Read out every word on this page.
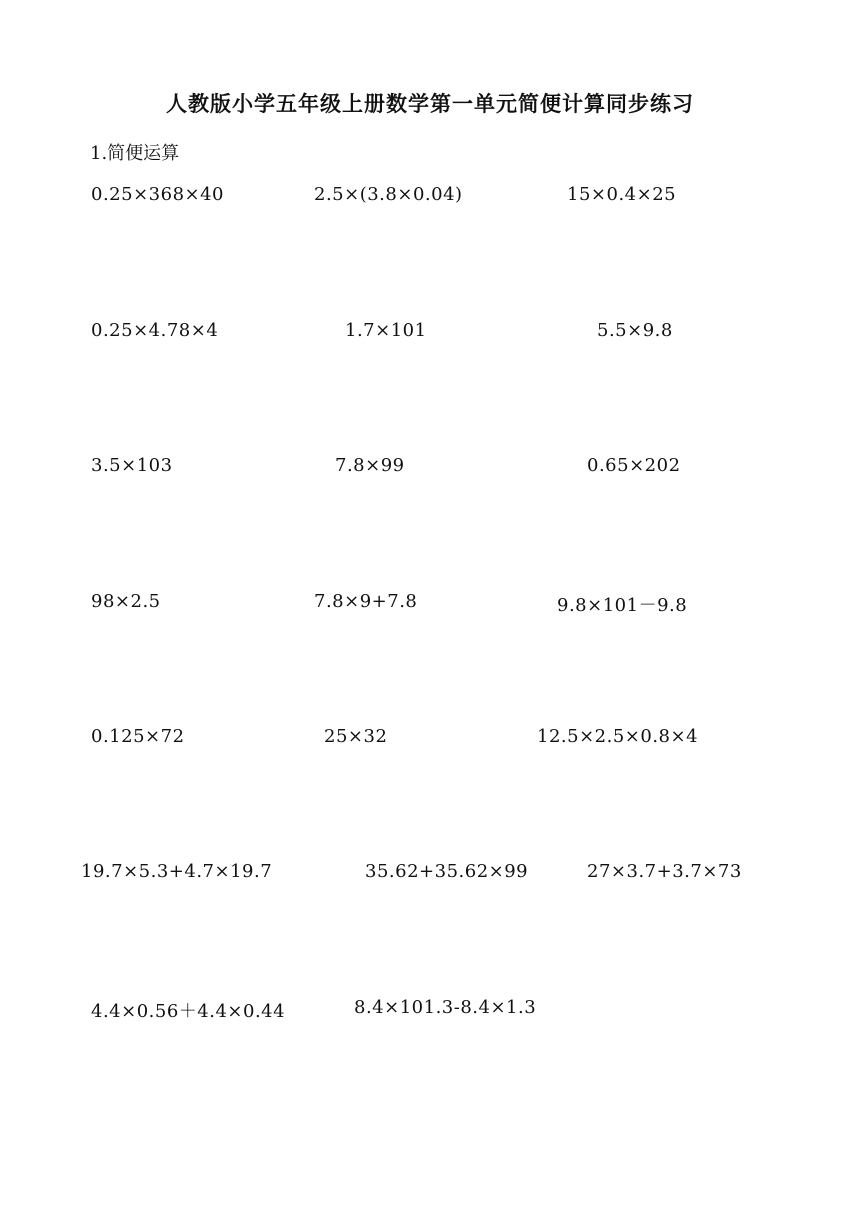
人教版小学五年级上册数学第一单元简便计算同步练习
1.简便运算
0.25×368×40	2.5×(3.8×0.04)	15×0.4×25
0.25×4.78×4	1.7×101	5.5×9.8
3.5×103	7.8×99	0.65×202
98×2.5	7.8×9+7.8	9.8×101－9.8
0.125×72	25×32	12.5×2.5×0.8×4
19.7×5.3+4.7×19.7	35.62+35.62×99	27×3.7+3.7×73
4.4×0.56＋4.4×0.44	8.4×101.3-8.4×1.3
